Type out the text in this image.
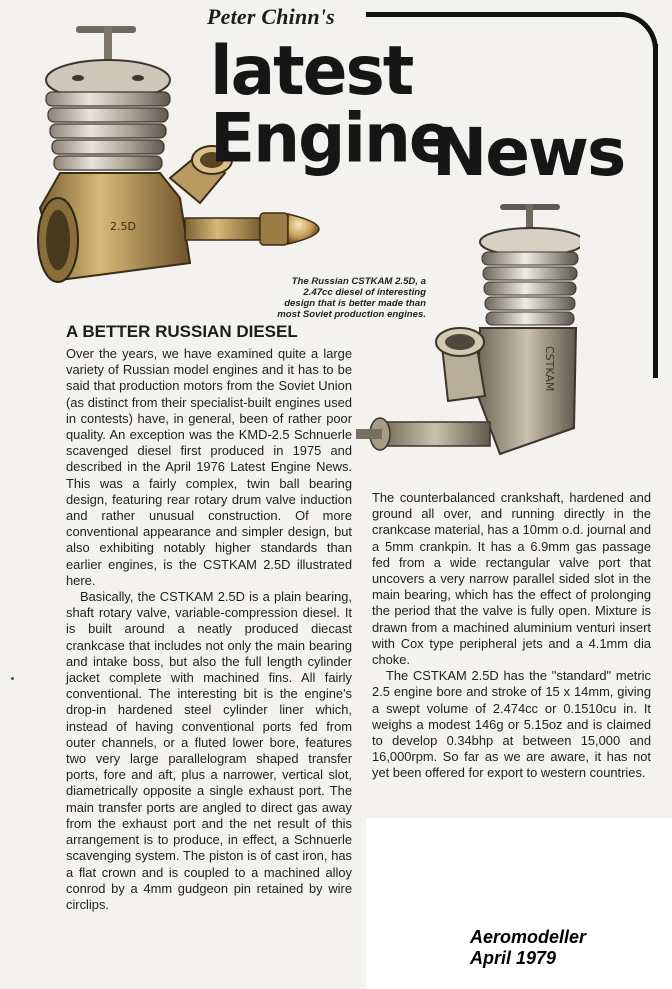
2.5D
CSTKAM
Peter Chinn's
latest Engine
News
The Russian CSTKAM 2.5D, a 2.47cc diesel of interesting design that is better made than most Soviet production engines.
A BETTER RUSSIAN DIESEL

Over the years, we have examined quite a large variety of Russian model engines and it has to be said that production motors from the Soviet Union (as distinct from their specialist-built engines used in contests) have, in general, been of rather poor quality. An exception was the KMD-2.5 Schnuerle scavenged diesel first produced in 1975 and described in the April 1976 Latest Engine News. This was a fairly complex, twin ball bearing design, featuring rear rotary drum valve induction and rather unusual construction. Of more conventional appearance and simpler design, but also exhibiting notably higher standards than earlier engines, is the CSTKAM 2.5D illustrated here.

Basically, the CSTKAM 2.5D is a plain bearing, shaft rotary valve, variable-compression diesel. It is built around a neatly produced diecast crankcase that includes not only the main bearing and intake boss, but also the full length cylinder jacket complete with machined fins. All fairly conventional. The interesting bit is the engine's drop-in hardened steel cylinder liner which, instead of having conventional ports fed from outer channels, or a fluted lower bore, features two very large parallelogram shaped transfer ports, fore and aft, plus a narrower, vertical slot, diametrically opposite a single exhaust port. The main transfer ports are angled to direct gas away from the exhaust port and the net result of this arrangement is to produce, in effect, a Schnuerle scavenging system. The piston is of cast iron, has a flat crown and is coupled to a machined alloy conrod by a 4mm gudgeon pin retained by wire circlips.

The counterbalanced crankshaft, hardened and ground all over, and running directly in the crankcase material, has a 10mm o.d. journal and a 5mm crankpin. It has a 6.9mm gas passage fed from a wide rectangular valve port that uncovers a very narrow parallel sided slot in the main bearing, which has the effect of prolonging the period that the valve is fully open. Mixture is drawn from a machined aluminium venturi insert with Cox type peripheral jets and a 4.1mm dia choke.

The CSTKAM 2.5D has the "standard" metric 2.5 engine bore and stroke of 15 x 14mm, giving a swept volume of 2.474cc or 0.1510cu in. It weighs a modest 146g or 5.15oz and is claimed to develop 0.34bhp at between 15,000 and 16,000rpm. So far as we are aware, it has not yet been offered for export to western countries.

Aeromodeller
April 1979
